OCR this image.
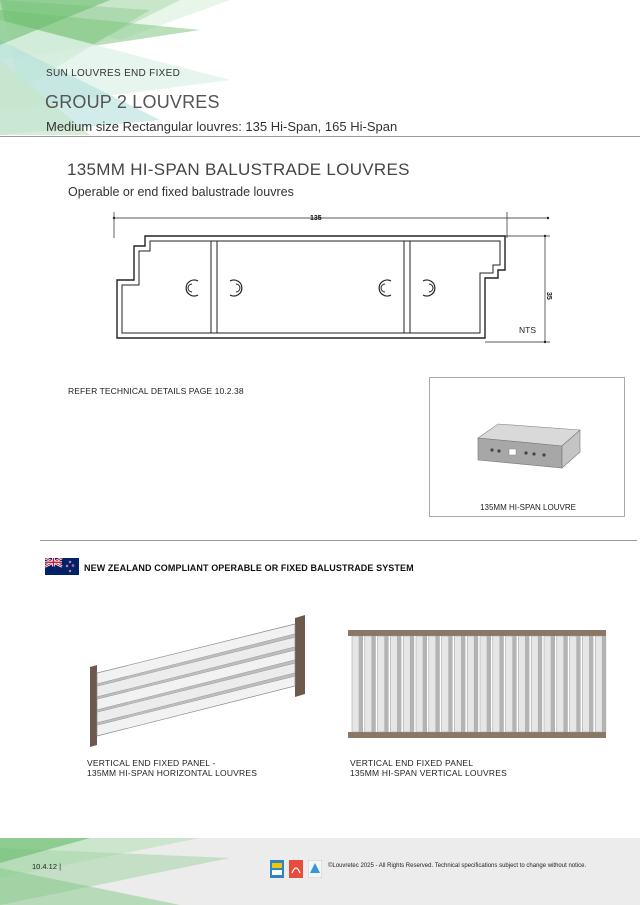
SUN LOUVRES END FIXED
GROUP 2 LOUVRES
Medium size Rectangular louvres: 135 Hi-Span, 165 Hi-Span
135MM HI-SPAN BALUSTRADE LOUVRES
Operable or end fixed balustrade louvres
135
35
NTS
REFER TECHNICAL DETAILS PAGE 10.2.38
135MM HI-SPAN LOUVRE
NEW ZEALAND COMPLIANT OPERABLE OR FIXED BALUSTRADE SYSTEM
VERTICAL END FIXED PANEL -
135MM HI-SPAN HORIZONTAL LOUVRES
VERTICAL END FIXED PANEL
135MM HI-SPAN VERTICAL LOUVRES
10.4.12 |	©Louvretec 2025 - All Rights Reserved. Technical specifications subject to change without notice.
